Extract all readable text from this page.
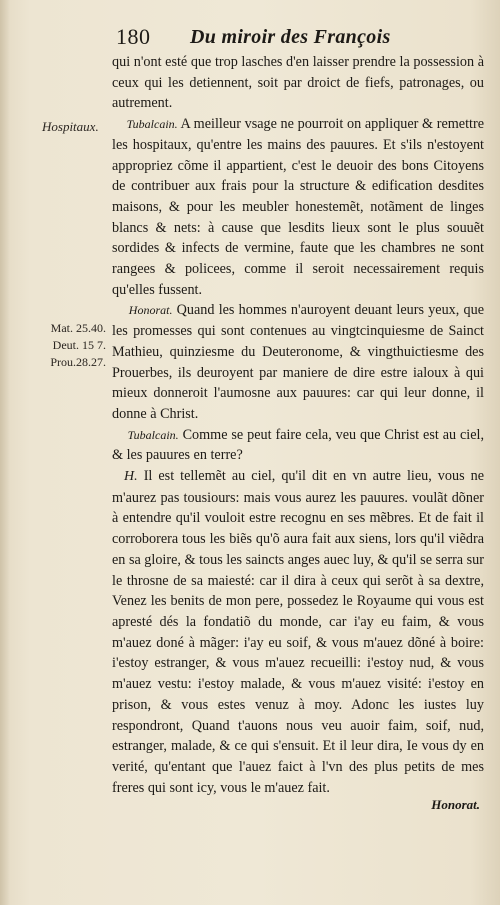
180 Du miroir des François
Hospitaux.
Mat. 25.40.
Deut. 15 7.
Prou.28.27.

qui n'ont esté que trop lasches d'en laisser prendre la possession à ceux qui les detiennent, soit par droict de fiefs, patronages, ou autrement.

Tubalcain. A meilleur vsage ne pourroit on appliquer & remettre les hospitaux, qu'entre les mains des pauures. Et s'ils n'estoyent appropriez cõme il appartient, c'est le deuoir des bons Citoyens de contribuer aux frais pour la structure & edification desdites maisons, & pour les meubler honestemẽt, notãment de linges blancs & nets: à cause que lesdits lieux sont le plus souuẽt sordides & infects de vermine, faute que les chambres ne sont rangees & policees, comme il seroit necessairement requis qu'elles fussent.

Honorat. Quand les hommes n'auroyent deuant leurs yeux, que les promesses qui sont contenues au vingtcinquiesme de Sainct Mathieu, quinziesme du Deuteronome, & vingthuictiesme des Prouerbes, ils deuroyent par maniere de dire estre ialoux à qui mieux donneroit l'aumosne aux pauures: car qui leur donne, il donne à Christ.

Tubalcain. Comme se peut faire cela, veu que Christ est au ciel, & les pauures en terre?

H. Il est tellemẽt au ciel, qu'il dit en vn autre lieu, vous ne m'aurez pas tousiours: mais vous aurez les pauures. voulãt dõner à entendre qu'il vouloit estre recognu en ses mẽbres. Et de fait il corroborera tous les biẽs qu'õ aura fait aux siens, lors qu'il viẽdra en sa gloire, & tous les saincts anges auec luy, & qu'il se serra sur le throsne de sa maiesté: car il dira à ceux qui serõt à sa dextre, Venez les benits de mon pere, possedez le Royaume qui vous est apresté dés la fondatiõ du monde, car i'ay eu faim, & vous m'auez doné à mãger: i'ay eu soif, & vous m'auez dõné à boire: i'estoy estranger, & vous m'auez recueilli: i'estoy nud, & vous m'auez vestu: i'estoy malade, & vous m'auez visité: i'estoy en prison, & vous estes venuz à moy. Adonc les iustes luy respondront, Quand t'auons nous veu auoir faim, soif, nud, estranger, malade, & ce qui s'ensuit. Et il leur dira, Ie vous dy en verité, qu'entant que l'auez faict à l'vn des plus petits de mes freres qui sont icy, vous le m'auez fait.

Honorat.
